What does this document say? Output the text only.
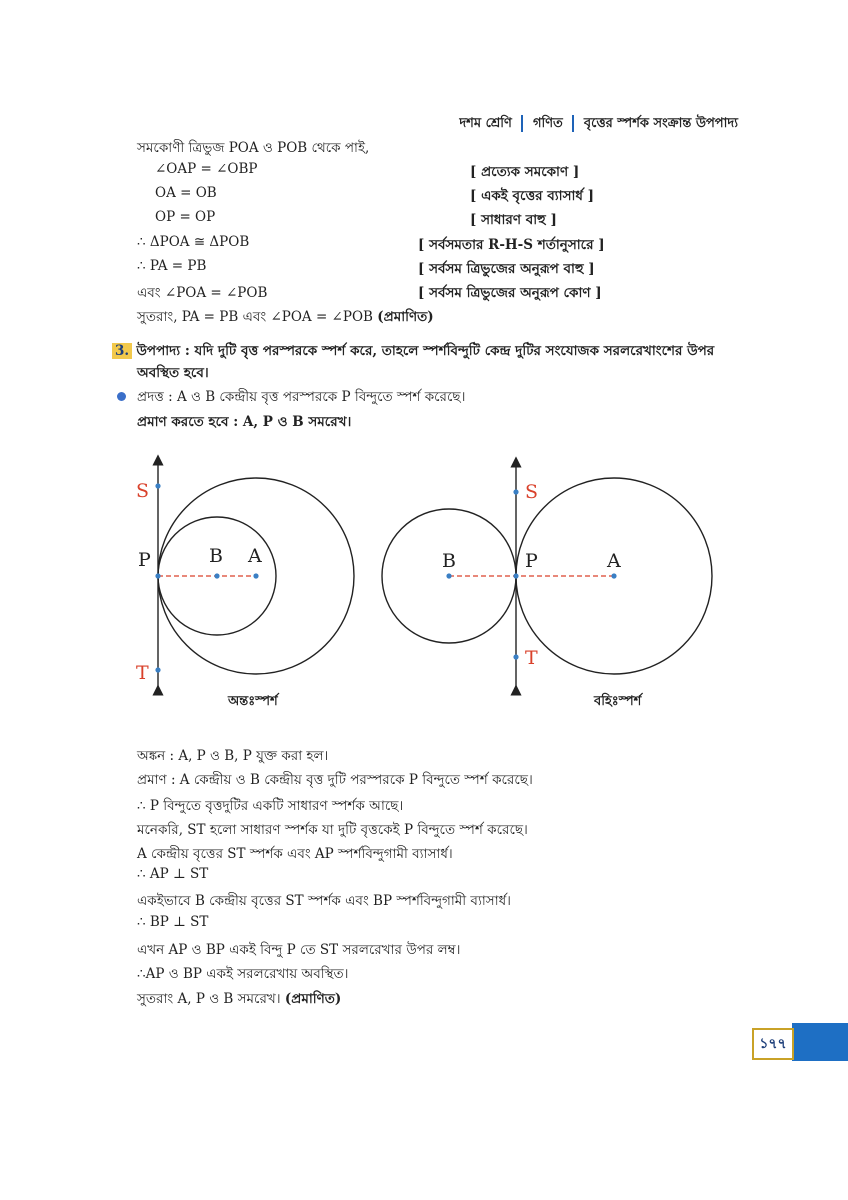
দশম শ্রেণি গণিত বৃত্তের স্পর্শক সংক্রান্ত উপপাদ্য
সমকোণী ত্রিভুজ POA ও POB থেকে পাই,
∠OAP = ∠OBP	[ প্রত্যেক সমকোণ ]
OA = OB	[ একই বৃত্তের ব্যাসার্ধ ]
OP = OP	[ সাধারণ বাহু ]
∴ ΔPOA ≅ ΔPOB	[ সর্বসমতার R-H-S শর্তানুসারে ]
∴ PA = PB	[ সর্বসম ত্রিভুজের অনুরূপ বাহু ]
এবং ∠POA = ∠POB	[ সর্বসম ত্রিভুজের অনুরূপ কোণ ]
সুতরাং, PA = PB এবং ∠POA = ∠POB (প্রমাণিত)
3. উপপাদ্য : যদি দুটি বৃত্ত পরস্পরকে স্পর্শ করে, তাহলে স্পর্শবিন্দুটি কেন্দ্র দুটির সংযোজক সরলরেখাংশের উপর
অবস্থিত হবে।
প্রদত্ত : A ও B কেন্দ্রীয় বৃত্ত পরস্পরকে P বিন্দুতে স্পর্শ করেছে।
প্রমাণ করতে হবে : A, P ও B সমরেখ।
S
P	B A
T
অন্তঃস্পর্শ
S
B	P	A
T
বহিঃস্পর্শ
অঙ্কন : A, P ও B, P যুক্ত করা হল।
প্রমাণ : A কেন্দ্রীয় ও B কেন্দ্রীয় বৃত্ত দুটি পরস্পরকে P বিন্দুতে স্পর্শ করেছে।
∴ P বিন্দুতে বৃত্তদুটির একটি সাধারণ স্পর্শক আছে।
মনেকরি, ST হলো সাধারণ স্পর্শক যা দুটি বৃত্তকেই P বিন্দুতে স্পর্শ করেছে।
A কেন্দ্রীয় বৃত্তের ST স্পর্শক এবং AP স্পর্শবিন্দুগামী ব্যাসার্ধ।
∴ AP ⊥ ST
একইভাবে B কেন্দ্রীয় বৃত্তের ST স্পর্শক এবং BP স্পর্শবিন্দুগামী ব্যাসার্ধ।
∴ BP ⊥ ST
এখন AP ও BP একই বিন্দু P তে ST সরলরেখার উপর লম্ব।
∴AP ও BP একই সরলরেখায় অবস্থিত।
সুতরাং A, P ও B সমরেখ। (প্রমাণিত)
১৭৭
